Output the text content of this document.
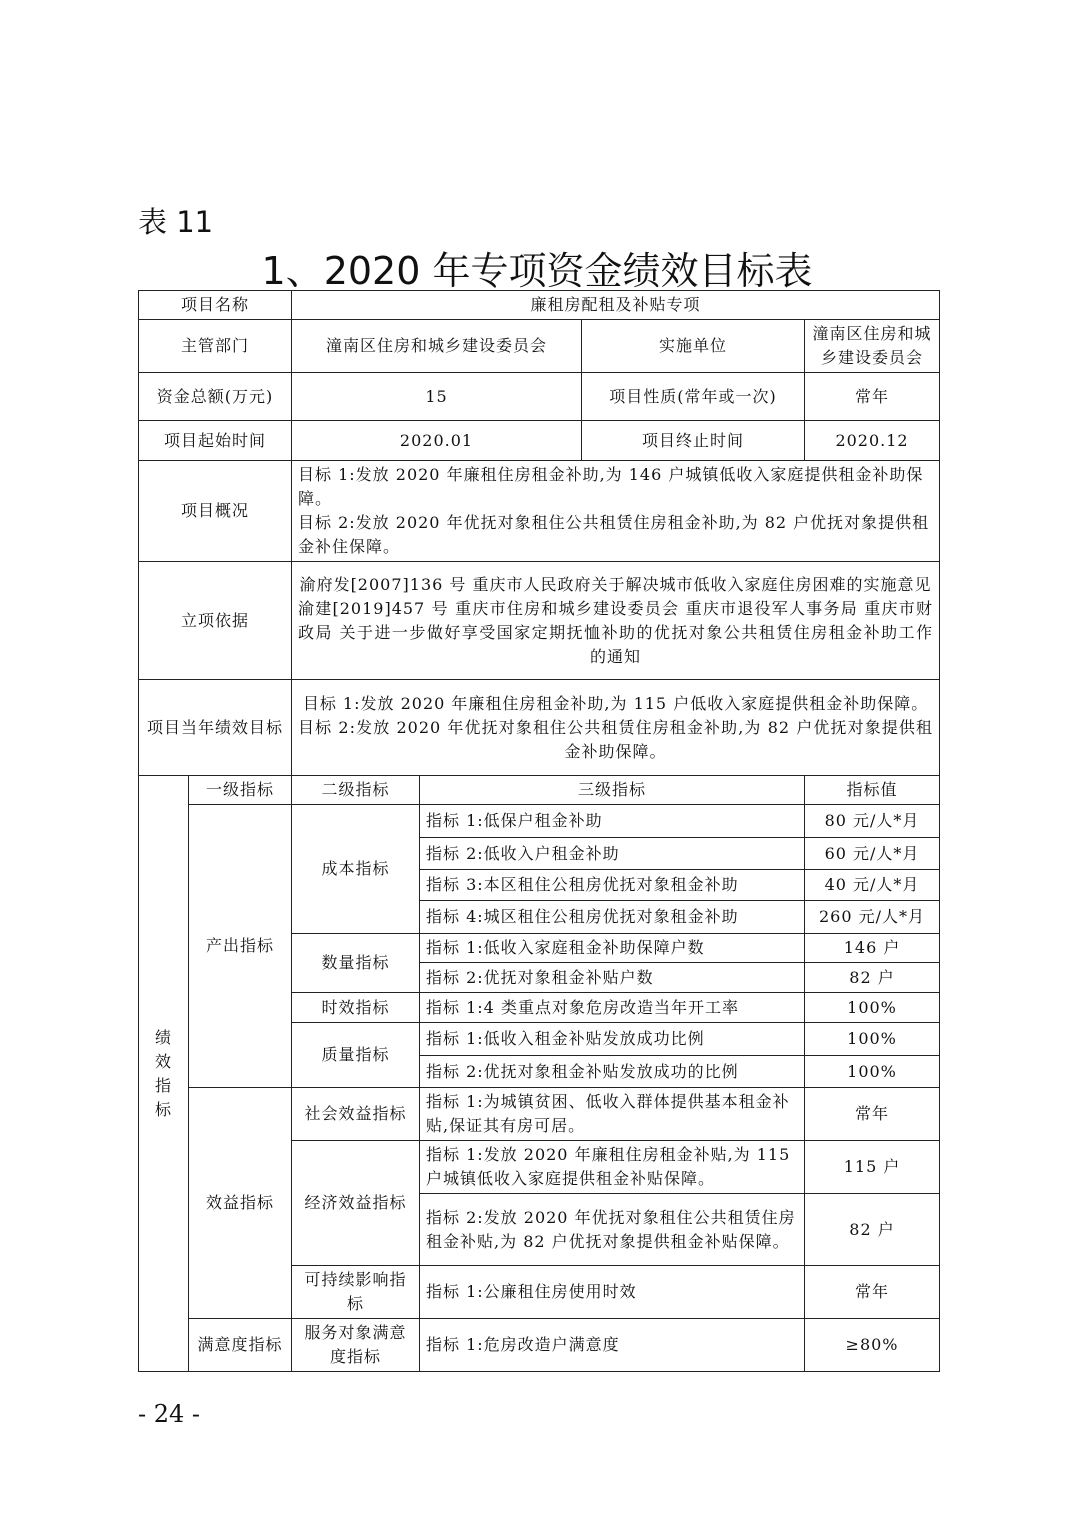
表 11
1、2020 年专项资金绩效目标表
项目名称		廉租房配租及补贴专项			
主管部门		潼南区住房和城乡建设委员会		实施单位	潼南区住房和城乡建设委员会
资金总额(万元)		15		项目性质(常年或一次)	常年
项目起始时间		2020.01		项目终止时间	2020.12
项目概况		目标 1:发放 2020 年廉租住房租金补助,为 146 户城镇低收入家庭提供租金补助保障。
目标 2:发放 2020 年优抚对象租住公共租赁住房租金补助,为 82 户优抚对象提供租金补住保障。			

立项依据		渝府发[2007]136 号 重庆市人民政府关于解决城市低收入家庭住房困难的实施意见
渝建[2019]457 号 重庆市住房和城乡建设委员会 重庆市退役军人事务局 重庆市财政局 关于进一步做好享受国家定期抚恤补助的优抚对象公共租赁住房租金补助工作的通知			

项目当年绩效目标		目标 1:发放 2020 年廉租住房租金补助,为 115 户低收入家庭提供租金补助保障。
目标 2:发放 2020 年优抚对象租住公共租赁住房租金补助,为 82 户优抚对象提供租金补助保障。			

绩效指标	一级指标	二级指标	三级指标		指标值
	产出指标	成本指标	指标 1:低保户租金补助		80 元/人*月
			指标 2:低收入户租金补助		60 元/人*月
			指标 3:本区租住公租房优抚对象租金补助		40 元/人*月
			指标 4:城区租住公租房优抚对象租金补助		260 元/人*月
		数量指标	指标 1:低收入家庭租金补助保障户数		146 户
			指标 2:优抚对象租金补贴户数		82 户
		时效指标	指标 1:4 类重点对象危房改造当年开工率		100%
		质量指标	指标 1:低收入租金补贴发放成功比例		100%
			指标 2:优抚对象租金补贴发放成功的比例		100%
	效益指标	社会效益指标	指标 1:为城镇贫困、低收入群体提供基本租金补贴,保证其有房可居。		常年
		经济效益指标	指标 1:发放 2020 年廉租住房租金补贴,为 115 户城镇低收入家庭提供租金补贴保障。		115 户
			指标 2:发放 2020 年优抚对象租住公共租赁住房租金补贴,为 82 户优抚对象提供租金补贴保障。		82 户
		可持续影响指标	指标 1:公廉租住房使用时效		常年
	满意度指标	服务对象满意度指标	指标 1:危房改造户满意度		≥80%
- 24 -
